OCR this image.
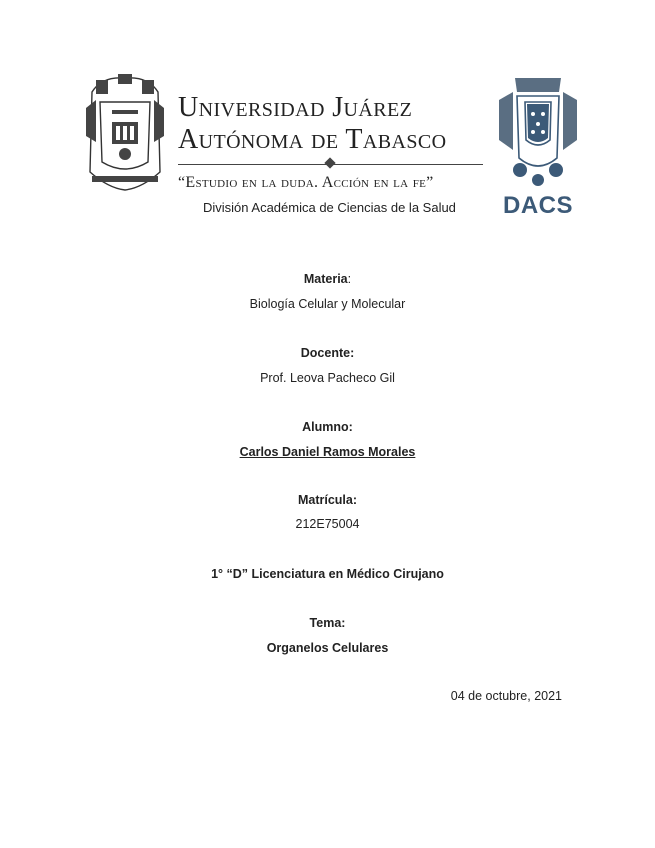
Universidad Juárez
Autónoma de Tabasco
“Estudio en la duda. Acción en la fe”
División Académica de Ciencias de la Salud	DACS
Materia:
Biología Celular y Molecular
Docente:
Prof. Leova Pacheco Gil
Alumno:
Carlos Daniel Ramos Morales
Matrícula:
212E75004
1° “D” Licenciatura en Médico Cirujano
Tema:
Organelos Celulares
04 de octubre, 2021
